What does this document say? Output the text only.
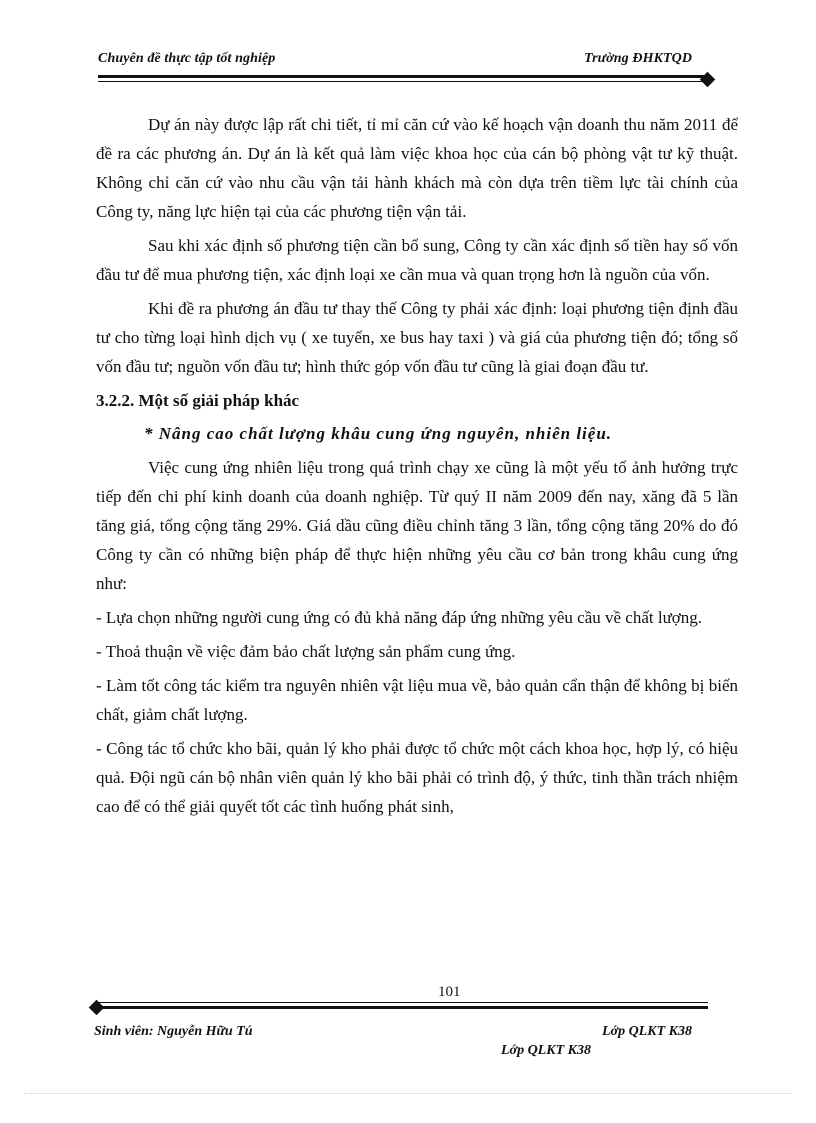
Chuyên đề thực tập tốt nghiệp	Trường ĐHKTQD

Dự án này được lập rất chi tiết, tỉ mỉ căn cứ vào kế hoạch vận doanh thu năm 2011 để đề ra các phương án. Dự án là kết quả làm việc khoa học của cán bộ phòng vật tư kỹ thuật. Không chỉ căn cứ vào nhu cầu vận tải hành khách mà còn dựa trên tiềm lực tài chính của Công ty, năng lực hiện tại của các phương tiện vận tải.

Sau khi xác định số phương tiện cần bổ sung, Công ty cần xác định số tiền hay số vốn đầu tư để mua phương tiện, xác định loại xe cần mua và quan trọng hơn là nguồn của vốn.

Khi đề ra phương án đầu tư thay thế Công ty phải xác định: loại phương tiện định đầu tư cho từng loại hình dịch vụ ( xe tuyến, xe bus hay taxi ) và giá của phương tiện đó; tổng số vốn đầu tư; nguồn vốn đầu tư; hình thức góp vốn đầu tư cũng là giai đoạn đầu tư.

3.2.2. Một số giải pháp khác

* Nâng cao chất lượng khâu cung ứng nguyên, nhiên liệu.

Việc cung ứng nhiên liệu trong quá trình chạy xe cũng là một yếu tố ảnh hưởng trực tiếp đến chi phí kinh doanh của doanh nghiệp. Từ quý II năm 2009 đến nay, xăng đã 5 lần tăng giá, tổng cộng tăng 29%. Giá dầu cũng điều chỉnh tăng 3 lần, tổng cộng tăng 20% do đó Công ty cần có những biện pháp để thực hiện những yêu cầu cơ bản trong khâu cung ứng như:

- Lựa chọn những người cung ứng có đủ khả năng đáp ứng những yêu cầu về chất lượng.

- Thoả thuận về việc đảm bảo chất lượng sản phẩm cung ứng.

- Làm tốt công tác kiểm tra nguyên nhiên vật liệu mua về, bảo quản cẩn thận để không bị biến chất, giảm chất lượng.

- Công tác tổ chức kho bãi, quản lý kho phải được tổ chức một cách khoa học, hợp lý, có hiệu quả. Đội ngũ cán bộ nhân viên quản lý kho bãi phải có trình độ, ý thức, tinh thần trách nhiệm cao để có thể giải quyết tốt các tình huống phát sinh,

101
Sinh viên: Nguyễn Hữu Tú	Lớp QLKT K38
Lớp QLKT K38
